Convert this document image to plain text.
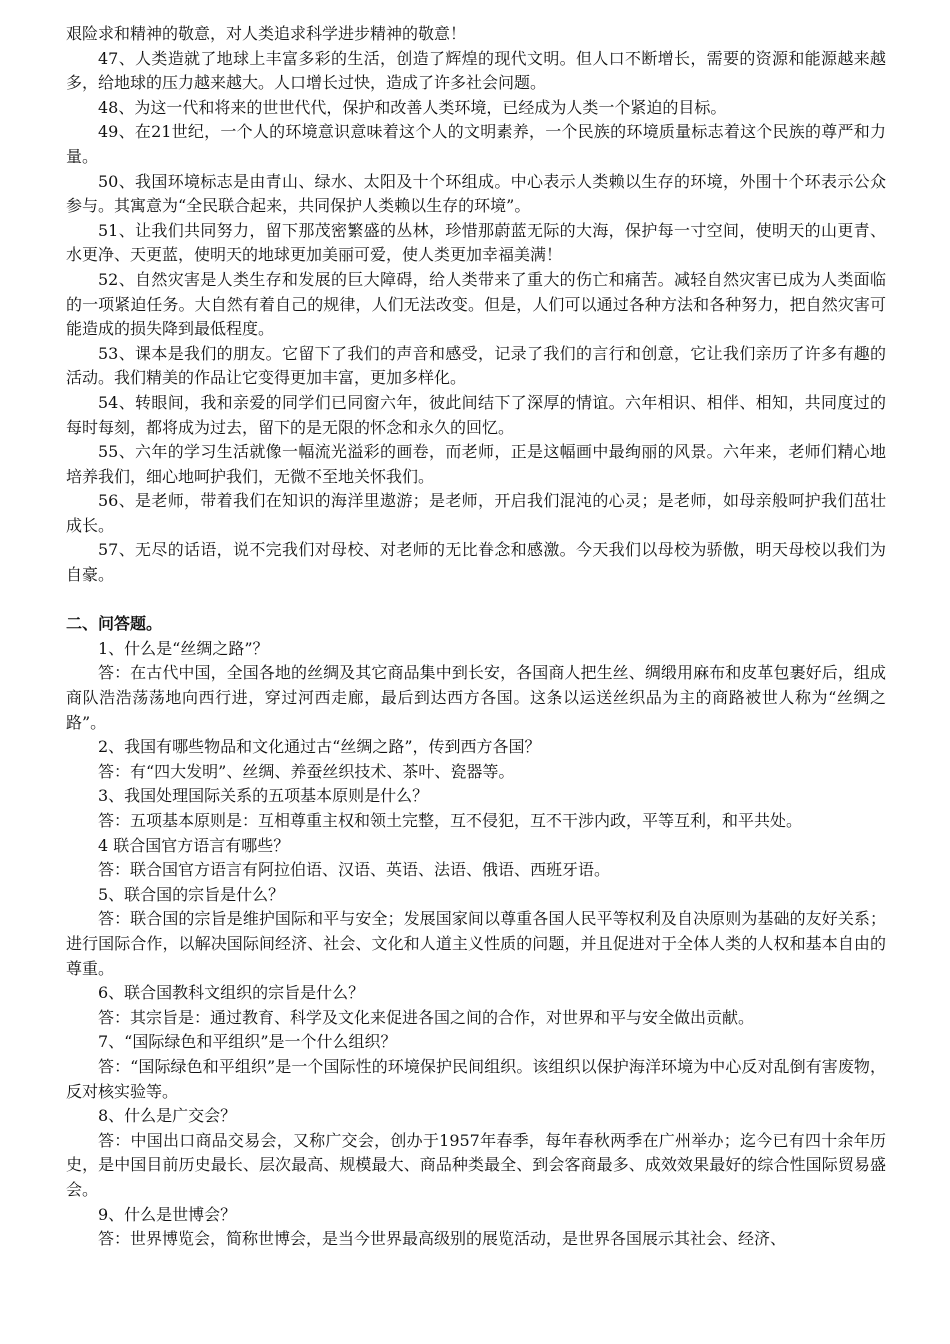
艰险求和精神的敬意，对人类追求科学进步精神的敬意！

47、人类造就了地球上丰富多彩的生活，创造了辉煌的现代文明。但人口不断增长，需要的资源和能源越来越多，给地球的压力越来越大。人口增长过快，造成了许多社会问题。

48、为这一代和将来的世世代代，保护和改善人类环境，已经成为人类一个紧迫的目标。

49、在21世纪，一个人的环境意识意味着这个人的文明素养，一个民族的环境质量标志着这个民族的尊严和力量。

50、我国环境标志是由青山、绿水、太阳及十个环组成。中心表示人类赖以生存的环境，外围十个环表示公众参与。其寓意为“全民联合起来，共同保护人类赖以生存的环境”。

51、让我们共同努力，留下那茂密繁盛的丛林，珍惜那蔚蓝无际的大海，保护每一寸空间，使明天的山更青、水更净、天更蓝，使明天的地球更加美丽可爱，使人类更加幸福美满！

52、自然灾害是人类生存和发展的巨大障碍，给人类带来了重大的伤亡和痛苦。减轻自然灾害已成为人类面临的一项紧迫任务。大自然有着自己的规律，人们无法改变。但是，人们可以通过各种方法和各种努力，把自然灾害可能造成的损失降到最低程度。

53、课本是我们的朋友。它留下了我们的声音和感受，记录了我们的言行和创意，它让我们亲历了许多有趣的活动。我们精美的作品让它变得更加丰富，更加多样化。

54、转眼间，我和亲爱的同学们已同窗六年，彼此间结下了深厚的情谊。六年相识、相伴、相知，共同度过的每时每刻，都将成为过去，留下的是无限的怀念和永久的回忆。

55、六年的学习生活就像一幅流光溢彩的画卷，而老师，正是这幅画中最绚丽的风景。六年来，老师们精心地培养我们，细心地呵护我们，无微不至地关怀我们。

56、是老师，带着我们在知识的海洋里遨游；是老师，开启我们混沌的心灵；是老师，如母亲般呵护我们茁壮成长。

57、无尽的话语，说不完我们对母校、对老师的无比眷念和感激。今天我们以母校为骄傲，明天母校以我们为自豪。

二、问答题。

1、什么是“丝绸之路”？

答：在古代中国，全国各地的丝绸及其它商品集中到长安，各国商人把生丝、绸缎用麻布和皮革包裹好后，组成商队浩浩荡荡地向西行进，穿过河西走廊，最后到达西方各国。这条以运送丝织品为主的商路被世人称为“丝绸之路”。

2、我国有哪些物品和文化通过古“丝绸之路”，传到西方各国？

答：有“四大发明”、丝绸、养蚕丝织技术、茶叶、瓷器等。

3、我国处理国际关系的五项基本原则是什么？

答：五项基本原则是：互相尊重主权和领土完整，互不侵犯，互不干涉内政，平等互利，和平共处。

4 联合国官方语言有哪些？

答：联合国官方语言有阿拉伯语、汉语、英语、法语、俄语、西班牙语。

5、联合国的宗旨是什么？

答：联合国的宗旨是维护国际和平与安全；发展国家间以尊重各国人民平等权利及自决原则为基础的友好关系；进行国际合作，以解决国际间经济、社会、文化和人道主义性质的问题，并且促进对于全体人类的人权和基本自由的尊重。

6、联合国教科文组织的宗旨是什么？

答：其宗旨是：通过教育、科学及文化来促进各国之间的合作，对世界和平与安全做出贡献。

7、“国际绿色和平组织”是一个什么组织？

答：“国际绿色和平组织”是一个国际性的环境保护民间组织。该组织以保护海洋环境为中心反对乱倒有害废物，反对核实验等。

8、什么是广交会？

答：中国出口商品交易会，又称广交会，创办于1957年春季，每年春秋两季在广州举办；迄今已有四十余年历史，是中国目前历史最长、层次最高、规模最大、商品种类最全、到会客商最多、成效效果最好的综合性国际贸易盛会。

9、什么是世博会？

答：世界博览会，简称世博会，是当今世界最高级别的展览活动，是世界各国展示其社会、经济、
